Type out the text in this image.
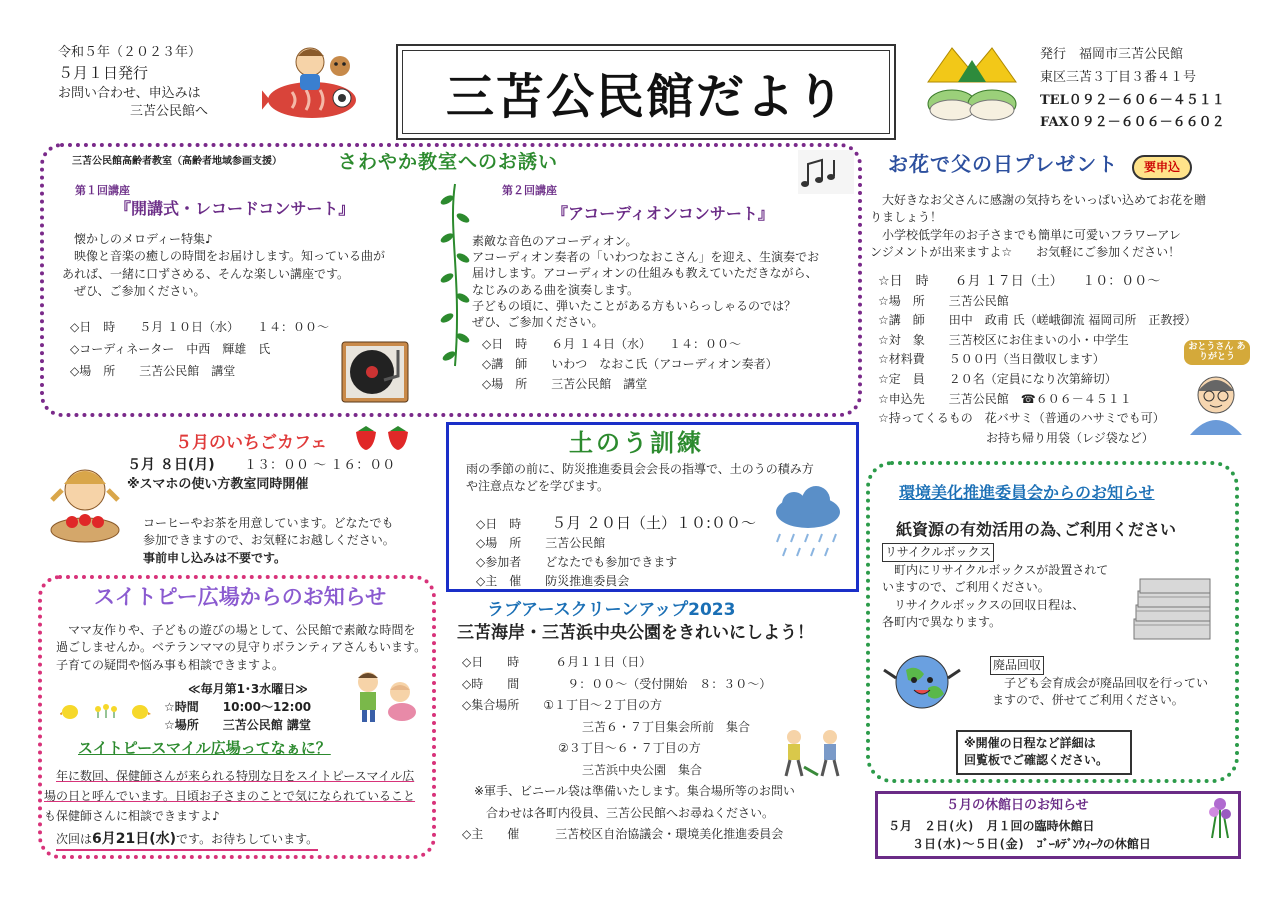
令和５年（２０２３年）
５月１日発行
お問い合わせ、申込みは
三苫公民館へ	三苫公民館だより
発行　福岡市三苫公民館
東区三苫３丁目３番４１号
TEL０９２－６０６－４５１１
FAX０９２－６０６－６６０２
三苫公民館高齢者教室（高齢者地域参画支援）	さわやか教室へのお誘い
第１回講座
『開講式・レコードコンサート』
懐かしのメロディー特集♪
映像と音楽の癒しの時間をお届けします。知っている曲が
あれば、一緒に口ずさめる、そんな楽しい講座です。
ぜひ、ご参加ください。
◇日　時　　５月 １０日（水）　　１４：００～
◇コーディネーター　中西　輝雄　氏
◇場　所　　三苫公民館　講堂
第２回講座
『アコーディオンコンサート』
素敵な音色のアコーディオン。
アコーディオン奏者の「いわつなおこさん」を迎え、生演奏でお
届けします。アコーディオンの仕組みも教えていただきながら、
なじみのある曲を演奏します。
子どもの頃に、弾いたことがある方もいらっしゃるのでは？
ぜひ、ご参加ください。
◇日　時　　６月 １４日（水）　　１４：００～
◇講　師　　いわつ　なおこ氏（アコーディオン奏者）
◇場　所　　三苫公民館　講堂
お花で父の日プレゼント 要申込
大好きなお父さんに感謝の気持ちをいっぱい込めてお花を贈
りましょう！
小学校低学年のお子さまでも簡単に可愛いフラワーアレ
ンジメントが出来ますよ☆　　お気軽にご参加ください！
☆日　時　　６月 １７日（土）　　１０：００～
☆場　所　　三苫公民館
☆講　師　　田中　政甫 氏（嵯峨御流 福岡司所　正教授）
☆対　象　　三苫校区にお住まいの小・中学生
☆材料費　　５００円（当日徴収します）
☆定　員　　２０名（定員になり次第締切）
☆申込先　　三苫公民館　☎６０６－４５１１
☆持ってくるもの　花バサミ（普通のハサミでも可）
　　　　　　　　　お持ち帰り用袋（レジ袋など）
おとうさん ありがとう
５月のいちごカフェ
５月 ８日(月) １３：００ ～ １６：００
※スマホの使い方教室同時開催
コーヒーやお茶を用意しています。どなたでも
参加できますので、お気軽にお越しください。
事前申し込みは不要です。
土のう訓練
雨の季節の前に、防災推進委員会会長の指導で、土のうの積み方
や注意点などを学びます。
◇日　時 ５月 ２０日（土）１０:００～
◇場　所　　三苫公民館
◇参加者　　どなたでも参加できます
◇主　催　　防災推進委員会
スイトピー広場からのお知らせ
ママ友作りや、子どもの遊びの場として、公民館で素敵な時間を
過ごしませんか。ベテランママの見守りボランティアさんもいます。
子育ての疑問や悩み事も相談できますよ。
≪毎月第1･3水曜日≫
☆時間　　10:00～12:00
☆場所　　三苫公民館 講堂
スイトピースマイル広場ってなぁに？
年に数回、保健師さんが来られる特別な日をスイトピースマイル広
場の日と呼んでいます。日頃お子さまのことで気になられていること
も保健師さんに相談できますよ♪
次回は6月21日(水)です。お待ちしています。
ラブアースクリーンアップ2023
三苫海岸・三苫浜中央公園をきれいにしよう！
◇日　　時　　　６月１１日（日）
◇時　　間　　　　９：００～（受付開始　８：３０～）
◇集合場所　　①１丁目～２丁目の方
　　　　　　　　　　三苫６・７丁目集会所前　集合
　　　　　　　　②３丁目～６・７丁目の方
　　　　　　　　　　三苫浜中央公園　集合
　※軍手、ビニール袋は準備いたします。集合場所等のお問い
　　合わせは各町内役員、三苫公民館へお尋ねください。
◇主　　催　　　三苫校区自治協議会・環境美化推進委員会
環境美化推進委員会からのお知らせ
紙資源の有効活用の為､ご利用ください
リサイクルボックス
　町内にリサイクルボックスが設置されて
いますので、ご利用ください。
　リサイクルボックスの回収日程は、
各町内で異なります。
廃品回収
子ども会育成会が廃品回収を行ってい
ますので、併せてご利用ください。
※開催の日程など詳細は
回覧板でご確認ください。
５月の休館日のお知らせ
５月　２日(火)　月１回の臨時休館日
　　３日(水)～５日(金)　ｺﾞｰﾙﾃﾞﾝｳｨｰｸの休館日
